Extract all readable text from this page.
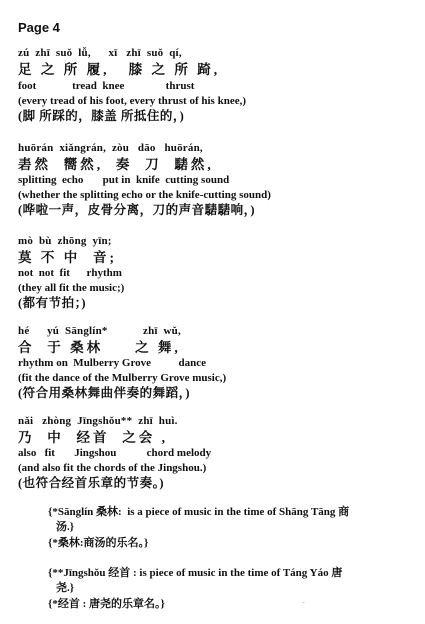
Page 4
zú  zhī  suǒ  lǚ,      xī   zhī  suǒ  qí,
足 之 所 履,   膝 之 所 踦,
foot             tread  knee               thrust
(every tread of his foot, every thrust of his knee,)
(脚 所踩的，膝盖 所抵住的，)
huōrán  xiǎngrán,  zòu   dāo   huōrán,
砉然  嚮然,  奏  刀  騞然,
splitting  echo       put in  knife  cutting sound
(whether the splitting echo or the knife-cutting sound)
(哗啦一声，皮骨分离，刀的声音騞騞响，)
mò  bù  zhōng  yīn;
莫 不 中  音;
not  not  fit      rhythm
(they all fit the music;)
(都有节拍；)
hé      yú  Sānglín*            zhī  wǔ,
合  于 桑林     之 舞,
rhythm on  Mulberry Grove          dance
(fit the dance of the Mulberry Grove music,)
(符合用桑林舞曲伴奏的舞蹈，)
nǎi   zhòng  Jīngshǒu**  zhī  huì.
乃  中  经首  之会 ,
also   fit       Jingshou           chord melody
(and also fit the chords of the Jingshou.)
(也符合经首乐章的节奏。)
{*Sānglín 桑林:  is a piece of music in the time of Shāng Tāng 商
汤.}
{*桑林:商汤的乐名。}
{**Jīngshǒu 经首 : is piece of music in the time of Táng Yáo 唐
尧.}
{*经首 : 唐尧的乐章名。}	~
